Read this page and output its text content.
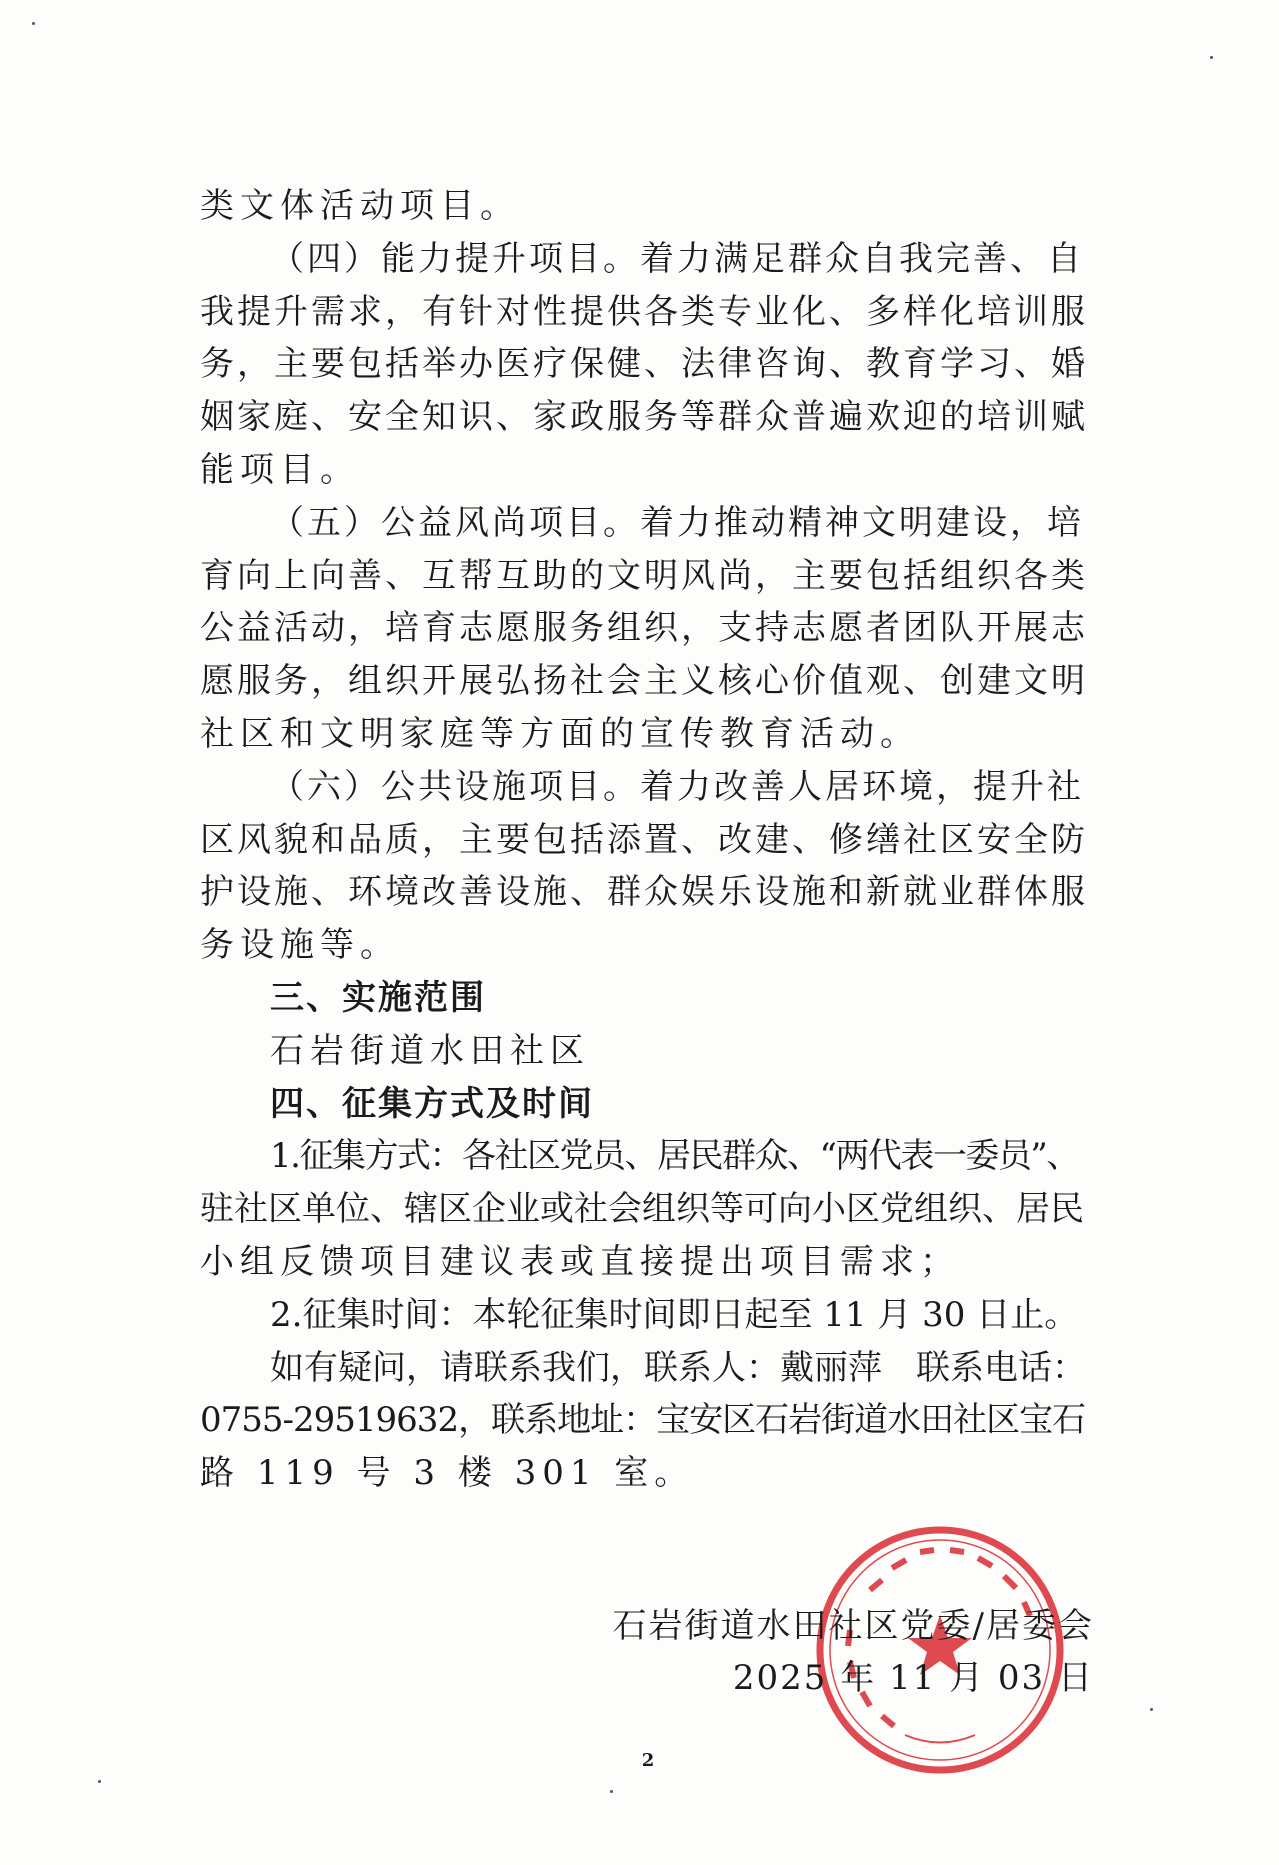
类文体活动项目。
（四）能力提升项目。着力满足群众自我完善、自
我提升需求，有针对性提供各类专业化、多样化培训服
务，主要包括举办医疗保健、法律咨询、教育学习、婚
姻家庭、安全知识、家政服务等群众普遍欢迎的培训赋
能项目。
（五）公益风尚项目。着力推动精神文明建设，培
育向上向善、互帮互助的文明风尚，主要包括组织各类
公益活动，培育志愿服务组织，支持志愿者团队开展志
愿服务，组织开展弘扬社会主义核心价值观、创建文明
社区和文明家庭等方面的宣传教育活动。
（六）公共设施项目。着力改善人居环境，提升社
区风貌和品质，主要包括添置、改建、修缮社区安全防
护设施、环境改善设施、群众娱乐设施和新就业群体服
务设施等。
三、实施范围
石岩街道水田社区
四、征集方式及时间
1.征集方式：各社区党员、居民群众、“两代表一委员”、
驻社区单位、辖区企业或社会组织等可向小区党组织、居民
小组反馈项目建议表或直接提出项目需求；
2.征集时间：本轮征集时间即日起至 11 月 30 日止。
如有疑问，请联系我们，联系人：戴丽萍　联系电话：
0755-29519632，联系地址：宝安区石岩街道水田社区宝石
路 119 号 3 楼 301 室。
石岩街道水田社区党委/居委会
2025 年 11 月 03 日
2
